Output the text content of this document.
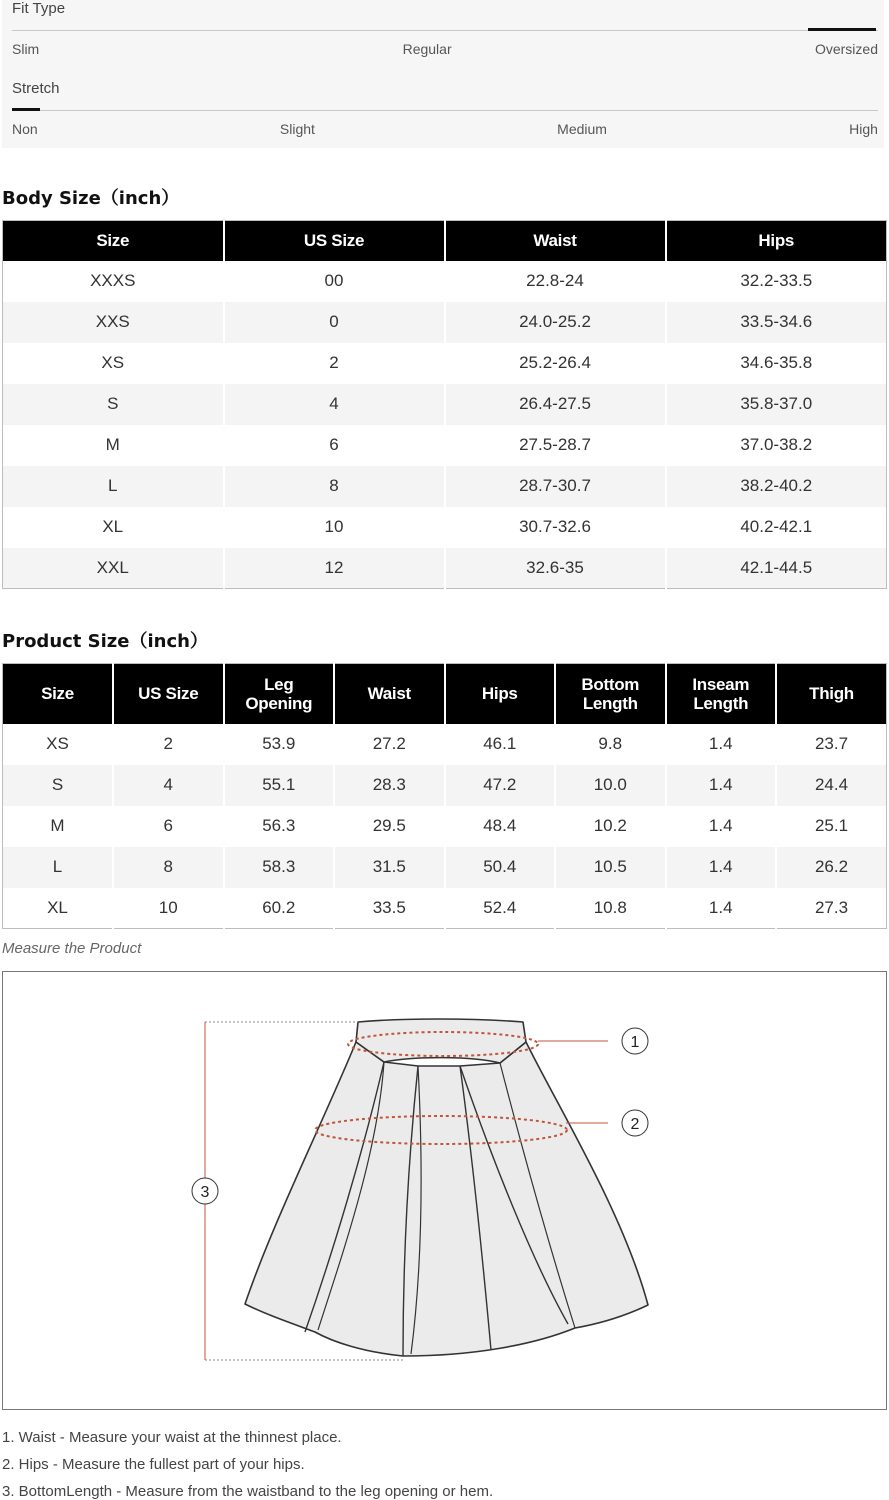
Fit Type
Slim	Regular	Oversized
Stretch
Non	Slight	Medium	High
Body Size（inch）
Size	US Size	Waist	Hips
XXXS	00	22.8-24	32.2-33.5
XXS	0	24.0-25.2	33.5-34.6
XS	2	25.2-26.4	34.6-35.8
S	4	26.4-27.5	35.8-37.0
M	6	27.5-28.7	37.0-38.2
L	8	28.7-30.7	38.2-40.2
XL	10	30.7-32.6	40.2-42.1
XXL	12	32.6-35	42.1-44.5
Product Size（inch）
Size	US Size	Leg Opening	Waist	Hips	Bottom Length	Inseam Length	Thigh
XS	2	53.9	27.2	46.1	9.8	1.4	23.7
S	4	55.1	28.3	47.2	10.0	1.4	24.4
M	6	56.3	29.5	48.4	10.2	1.4	25.1
L	8	58.3	31.5	50.4	10.5	1.4	26.2
XL	10	60.2	33.5	52.4	10.8	1.4	27.3
Measure the Product
1
2
3
1. Waist - Measure your waist at the thinnest place.
2. Hips - Measure the fullest part of your hips.
3. BottomLength - Measure from the waistband to the leg opening or hem.
